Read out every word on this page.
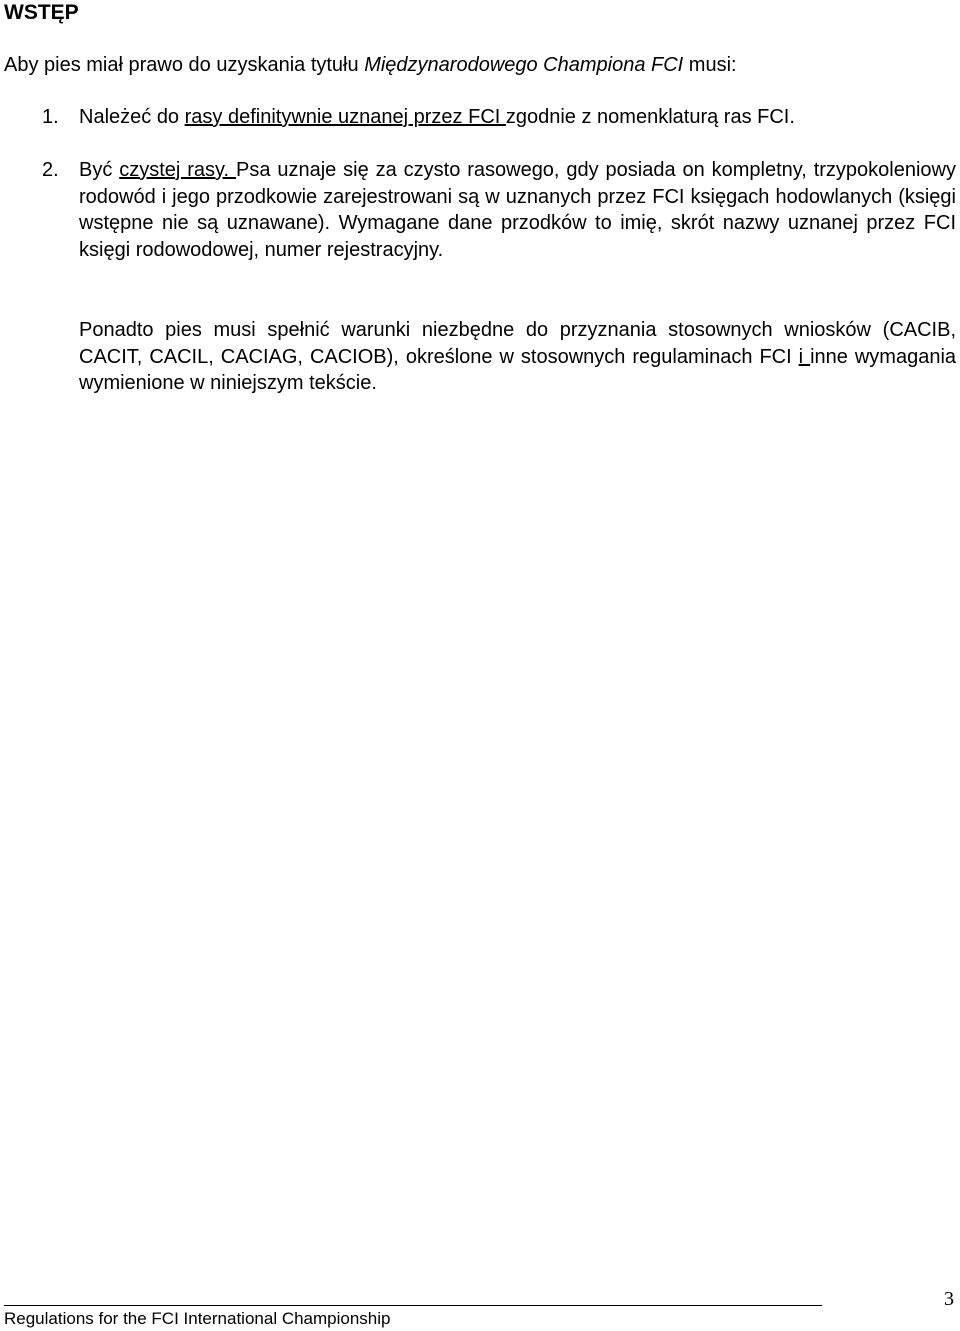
WSTĘP

Aby pies miał prawo do uzyskania tytułu Międzynarodowego Championa FCI musi:

1.	Należeć do rasy definitywnie uznanej przez FCI zgodnie z nomenklaturą ras FCI.
2.	Być czystej rasy. Psa uznaje się za czysto rasowego, gdy posiada on kompletny, trzypokoleniowy rodowód i jego przodkowie zarejestrowani są w uznanych przez FCI księgach hodowlanych (księgi wstępne nie są uznawane). Wymagane dane przodków to imię, skrót nazwy uznanej przez FCI księgi rodowodowej, numer rejestracyjny.

Ponadto pies musi spełnić warunki niezbędne do przyznania stosownych wniosków (CACIB, CACIT, CACIL, CACIAG, CACIOB), określone w stosownych regulaminach FCI i inne wymagania wymienione w niniejszym tekście.

3
Regulations for the FCI International Championship
